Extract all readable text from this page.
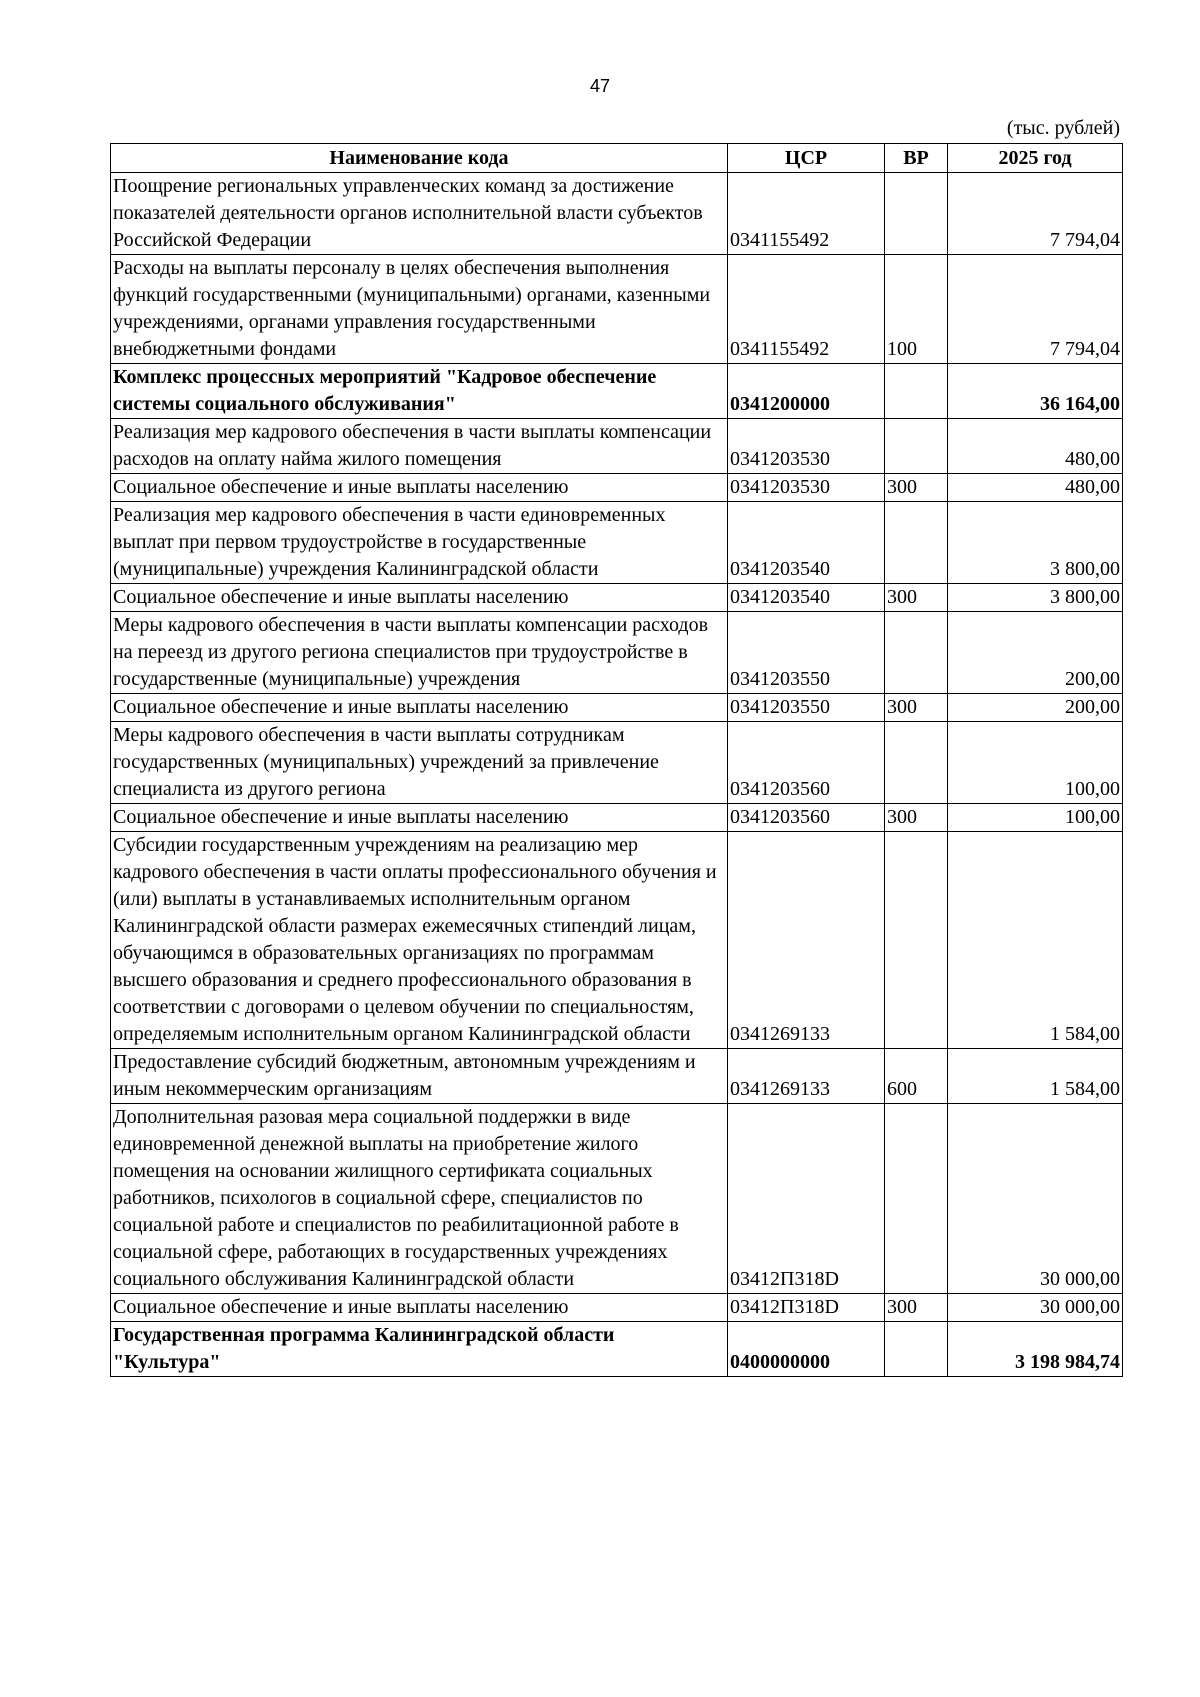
47
(тыс. рублей)
Наименование кода	ЦСР	ВР	2025 год
Поощрение региональных управленческих команд за достижение показателей деятельности органов исполнительной власти субъектов Российской Федерации	0341155492		7 794,04
Расходы на выплаты персоналу в целях обеспечения выполнения функций государственными (муниципальными) органами, казенными учреждениями, органами управления государственными внебюджетными фондами	0341155492	100	7 794,04
Комплекс процессных мероприятий "Кадровое обеспечение системы социального обслуживания"	0341200000		36 164,00
Реализация мер кадрового обеспечения в части выплаты компенсации расходов на оплату найма жилого помещения	0341203530		480,00
Социальное обеспечение и иные выплаты населению	0341203530	300	480,00
Реализация мер кадрового обеспечения в части единовременных выплат при первом трудоустройстве в государственные (муниципальные) учреждения Калининградской области	0341203540		3 800,00
Социальное обеспечение и иные выплаты населению	0341203540	300	3 800,00
Меры кадрового обеспечения в части выплаты компенсации расходов на переезд из другого региона специалистов при трудоустройстве в государственные (муниципальные) учреждения	0341203550		200,00
Социальное обеспечение и иные выплаты населению	0341203550	300	200,00
Меры кадрового обеспечения в части выплаты сотрудникам государственных (муниципальных) учреждений за привлечение специалиста из другого региона	0341203560		100,00
Социальное обеспечение и иные выплаты населению	0341203560	300	100,00
Субсидии государственным учреждениям на реализацию мер кадрового обеспечения в части оплаты профессионального обучения и (или) выплаты в устанавливаемых исполнительным органом Калининградской области размерах ежемесячных стипендий лицам, обучающимся в образовательных организациях по программам высшего образования и среднего профессионального образования в соответствии с договорами о целевом обучении по специальностям, определяемым исполнительным органом Калининградской области	0341269133		1 584,00
Предоставление субсидий бюджетным, автономным учреждениям и иным некоммерческим организациям	0341269133	600	1 584,00
Дополнительная разовая мера социальной поддержки в виде единовременной денежной выплаты на приобретение жилого помещения на основании жилищного сертификата социальных работников, психологов в социальной сфере, специалистов по социальной работе и специалистов по реабилитационной работе в социальной сфере, работающих в государственных учреждениях социального обслуживания Калининградской области	03412П318D		30 000,00
Социальное обеспечение и иные выплаты населению	03412П318D	300	30 000,00
Государственная программа Калининградской области "Культура"	0400000000		3 198 984,74
